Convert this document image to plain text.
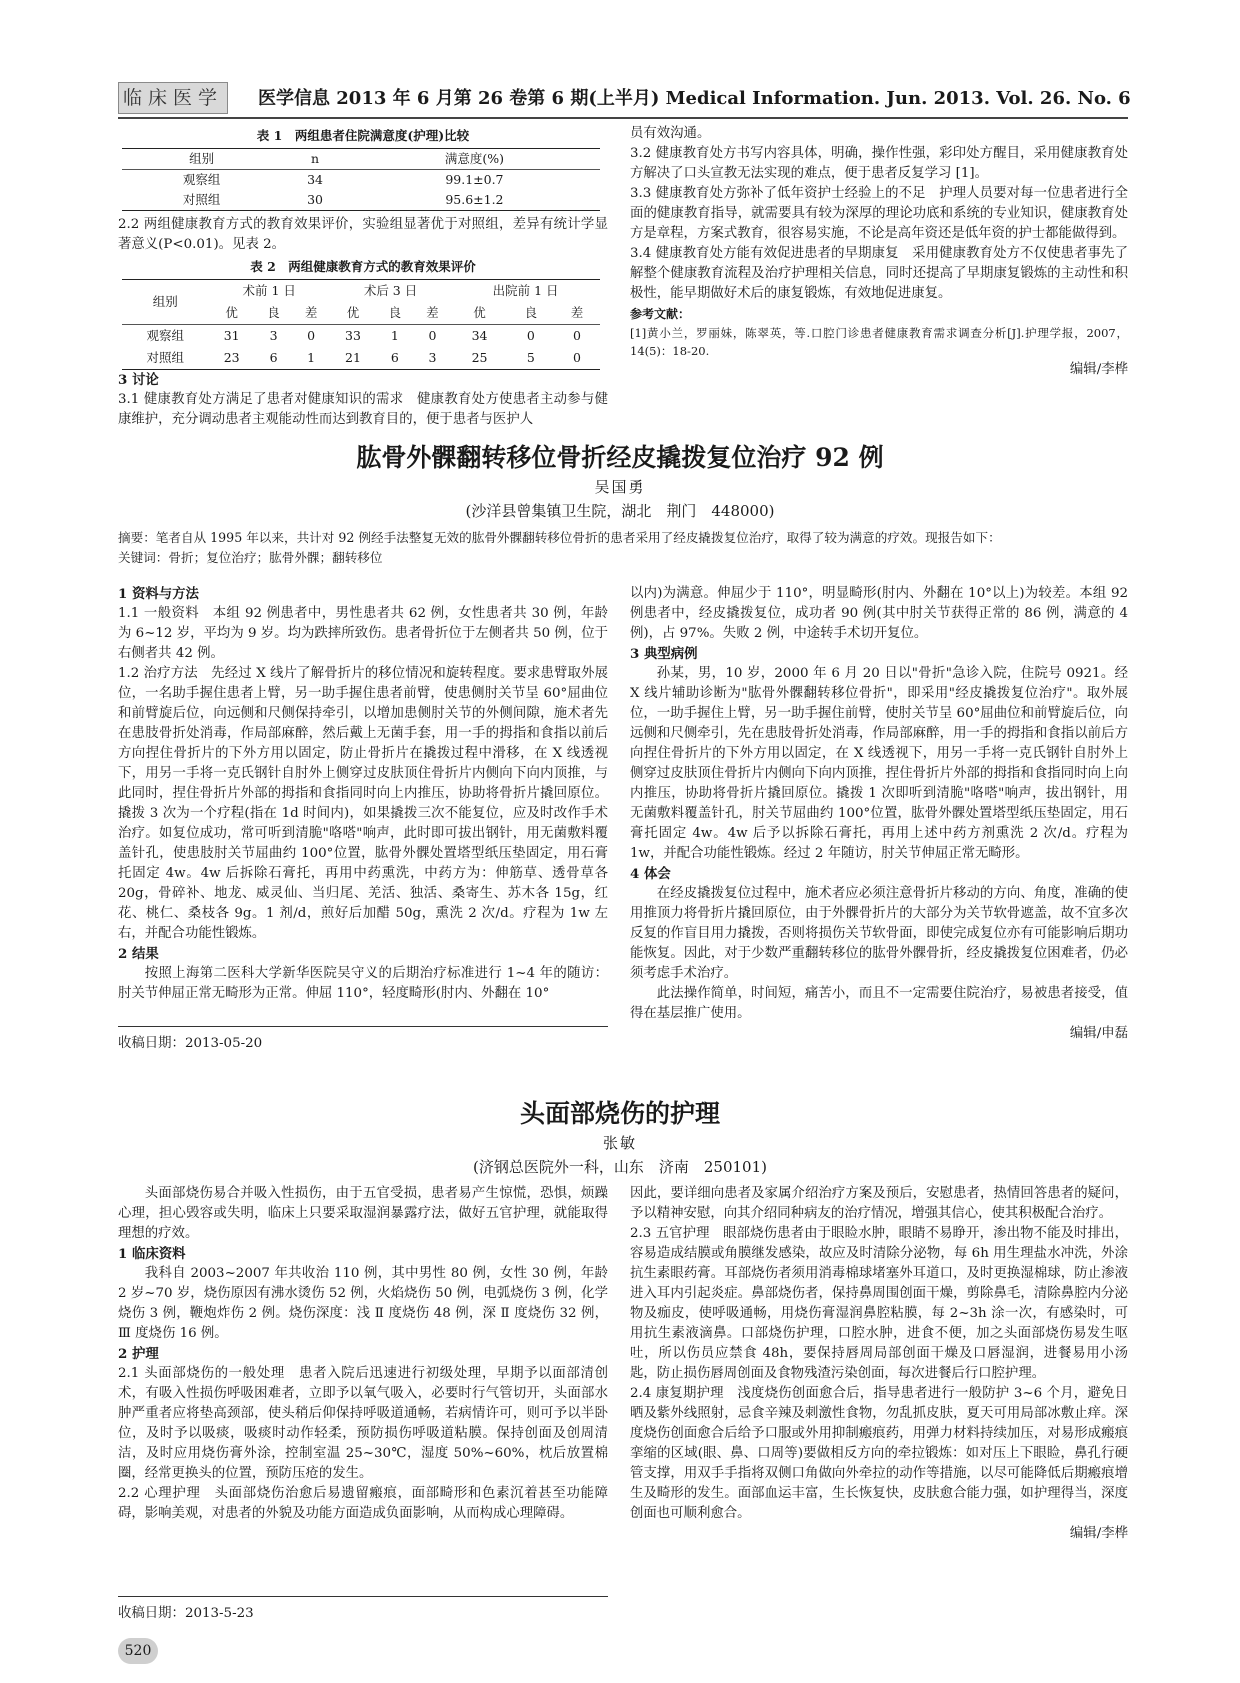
临床医学 医学信息 2013 年 6 月第 26 卷第 6 期(上半月) Medical Information. Jun. 2013. Vol. 26. No. 6
表 1　两组患者住院满意度(护理)比较
组别	n	满意度(%)
观察组	34	99.1±0.7
对照组	30	95.6±1.2

2.2 两组健康教育方式的教育效果评价，实验组显著优于对照组，差异有统计学显著意义(P<0.01)。见表 2。

表 2　两组健康教育方式的教育效果评价
组别	术前 1 日			术后 3 日			出院前 1 日		
	优	良	差	优	良	差	优	良	差
观察组	31	3	0	33	1	0	34	0	0
对照组	23	6	1	21	6	3	25	5	0

3 讨论

3.1 健康教育处方满足了患者对健康知识的需求　健康教育处方使患者主动参与健康维护，充分调动患者主观能动性而达到教育目的，便于患者与医护人

员有效沟通。

3.2 健康教育处方书写内容具体，明确，操作性强，彩印处方醒目，采用健康教育处方解决了口头宣教无法实现的难点，便于患者反复学习 [1]。

3.3 健康教育处方弥补了低年资护士经验上的不足　护理人员要对每一位患者进行全面的健康教育指导，就需要具有较为深厚的理论功底和系统的专业知识，健康教育处方是章程，方案式教育，很容易实施，不论是高年资还是低年资的护士都能做得到。

3.4 健康教育处方能有效促进患者的早期康复　采用健康教育处方不仅使患者事先了解整个健康教育流程及治疗护理相关信息，同时还提高了早期康复锻炼的主动性和积极性，能早期做好术后的康复锻炼，有效地促进康复。

参考文献：

[1]黄小兰，罗丽妹，陈翠英，等.口腔门诊患者健康教育需求调查分析[J].护理学报，2007，14(5)：18-20.

编辑/李桦

肱骨外髁翻转移位骨折经皮撬拨复位治疗 92 例
吴国勇
(沙洋县曾集镇卫生院，湖北　荆门　448000)

摘要：笔者自从 1995 年以来，共计对 92 例经手法整复无效的肱骨外髁翻转移位骨折的患者采用了经皮撬拨复位治疗，取得了较为满意的疗效。现报告如下：

关键词：骨折；复位治疗；肱骨外髁；翻转移位

1 资料与方法

1.1 一般资料　本组 92 例患者中，男性患者共 62 例，女性患者共 30 例，年龄为 6~12 岁，平均为 9 岁。均为跌摔所致伤。患者骨折位于左侧者共 50 例，位于右侧者共 42 例。

1.2 治疗方法　先经过 X 线片了解骨折片的移位情况和旋转程度。要求患臂取外展位，一名助手握住患者上臂，另一助手握住患者前臂，使患侧肘关节呈 60°屈曲位和前臂旋后位，向远侧和尺侧保持牵引，以增加患侧肘关节的外侧间隙，施术者先在患肢骨折处消毒，作局部麻醉，然后戴上无菌手套，用一手的拇指和食指以前后方向捏住骨折片的下外方用以固定，防止骨折片在撬拨过程中滑移，在 X 线透视下，用另一手将一克氏钢针自肘外上侧穿过皮肤顶住骨折片内侧向下向内顶推，与此同时，捏住骨折片外部的拇指和食指同时向上内推压，协助将骨折片撬回原位。撬拨 3 次为一个疗程(指在 1d 时间内)，如果撬拨三次不能复位，应及时改作手术治疗。如复位成功，常可听到清脆"咯嗒"响声，此时即可拔出钢针，用无菌敷料覆盖针孔，使患肢肘关节屈曲约 100°位置，肱骨外髁处置塔型纸压垫固定，用石膏托固定 4w。4w 后拆除石膏托，再用中药熏洗，中药方为：伸筋草、透骨草各 20g，骨碎补、地龙、威灵仙、当归尾、羌活、独活、桑寄生、苏木各 15g，红花、桃仁、桑枝各 9g。1 剂/d，煎好后加醋 50g，熏洗 2 次/d。疗程为 1w 左右，并配合功能性锻炼。

2 结果

按照上海第二医科大学新华医院吴守义的后期治疗标准进行 1~4 年的随访：肘关节伸屈正常无畸形为正常。伸屈 110°，轻度畸形(肘内、外翻在 10°

收稿日期：2013-05-20

以内)为满意。伸屈少于 110°，明显畸形(肘内、外翻在 10°以上)为较差。本组 92 例患者中，经皮撬拨复位，成功者 90 例(其中肘关节获得正常的 86 例，满意的 4 例)，占 97%。失败 2 例，中途转手术切开复位。

3 典型病例

孙某，男，10 岁，2000 年 6 月 20 日以"骨折"急诊入院，住院号 0921。经 X 线片辅助诊断为"肱骨外髁翻转移位骨折"，即采用"经皮撬拨复位治疗"。取外展位，一助手握住上臂，另一助手握住前臂，使肘关节呈 60°屈曲位和前臂旋后位，向远侧和尺侧牵引，先在患肢骨折处消毒，作局部麻醉，用一手的拇指和食指以前后方向捏住骨折片的下外方用以固定，在 X 线透视下，用另一手将一克氏钢针自肘外上侧穿过皮肤顶住骨折片内侧向下向内顶推，捏住骨折片外部的拇指和食指同时向上向内推压，协助将骨折片撬回原位。撬拨 1 次即听到清脆"咯嗒"响声，拔出钢针，用无菌敷料覆盖针孔，肘关节屈曲约 100°位置，肱骨外髁处置塔型纸压垫固定，用石膏托固定 4w。4w 后予以拆除石膏托，再用上述中药方剂熏洗 2 次/d。疗程为 1w，并配合功能性锻炼。经过 2 年随访，肘关节伸屈正常无畸形。

4 体会

在经皮撬拨复位过程中，施术者应必须注意骨折片移动的方向、角度，准确的使用推顶力将骨折片撬回原位，由于外髁骨折片的大部分为关节软骨遮盖，故不宜多次反复的作盲目用力撬拨，否则将损伤关节软骨面，即使完成复位亦有可能影响后期功能恢复。因此，对于少数严重翻转移位的肱骨外髁骨折，经皮撬拨复位困难者，仍必须考虑手术治疗。

此法操作简单，时间短，痛苦小，而且不一定需要住院治疗，易被患者接受，值得在基层推广使用。

编辑/申磊

头面部烧伤的护理
张敏
(济钢总医院外一科，山东　济南　250101)

头面部烧伤易合并吸入性损伤，由于五官受损，患者易产生惊慌，恐惧，烦躁心理，担心毁容或失明，临床上只要采取湿润暴露疗法，做好五官护理，就能取得理想的疗效。

1 临床资料

我科自 2003~2007 年共收治 110 例，其中男性 80 例，女性 30 例，年龄 2 岁~70 岁，烧伤原因有沸水烫伤 52 例，火焰烧伤 50 例，电弧烧伤 3 例，化学烧伤 3 例，鞭炮炸伤 2 例。烧伤深度：浅 Ⅱ 度烧伤 48 例，深 Ⅱ 度烧伤 32 例，Ⅲ 度烧伤 16 例。

2 护理

2.1 头面部烧伤的一般处理　患者入院后迅速进行初级处理，早期予以面部清创术，有吸入性损伤呼吸困难者，立即予以氧气吸入，必要时行气管切开，头面部水肿严重者应将垫高颈部，使头稍后仰保持呼吸道通畅，若病情许可，则可予以半卧位，及时予以吸痰，吸痰时动作轻柔，预防损伤呼吸道粘膜。保持创面及创周清洁，及时应用烧伤膏外涂，控制室温 25~30℃，湿度 50%~60%，枕后放置棉圈，经常更换头的位置，预防压疮的发生。

2.2 心理护理　头面部烧伤治愈后易遗留瘢痕，面部畸形和色素沉着甚至功能障碍，影响美观，对患者的外貌及功能方面造成负面影响，从而构成心理障碍。

收稿日期：2013-5-23

因此，要详细向患者及家属介绍治疗方案及预后，安慰患者，热情回答患者的疑问，予以精神安慰，向其介绍同种病友的治疗情况，增强其信心，使其积极配合治疗。

2.3 五官护理　眼部烧伤患者由于眼睑水肿，眼睛不易睁开，渗出物不能及时排出，容易造成结膜或角膜继发感染，故应及时清除分泌物，每 6h 用生理盐水冲洗，外涂抗生素眼药膏。耳部烧伤者须用消毒棉球堵塞外耳道口，及时更换湿棉球，防止渗液进入耳内引起炎症。鼻部烧伤者，保持鼻周围创面干燥，剪除鼻毛，清除鼻腔内分泌物及痂皮，使呼吸通畅，用烧伤膏湿润鼻腔粘膜，每 2~3h 涂一次，有感染时，可用抗生素液滴鼻。口部烧伤护理，口腔水肿，进食不便，加之头面部烧伤易发生呕吐，所以伤员应禁食 48h，要保持唇周局部创面干燥及口唇湿润，进餐易用小汤匙，防止损伤唇周创面及食物残渣污染创面，每次进餐后行口腔护理。

2.4 康复期护理　浅度烧伤创面愈合后，指导患者进行一般防护 3~6 个月，避免日晒及紫外线照射，忌食辛辣及刺激性食物，勿乱抓皮肤，夏天可用局部冰敷止痒。深度烧伤创面愈合后给予口服或外用抑制瘢痕药，用弹力材料持续加压，对易形成瘢痕挛缩的区域(眼、鼻、口周等)要做相反方向的牵拉锻炼：如对压上下眼睑，鼻孔行硬管支撑，用双手手指将双侧口角做向外牵拉的动作等措施，以尽可能降低后期瘢痕增生及畸形的发生。面部血运丰富，生长恢复快，皮肤愈合能力强，如护理得当，深度创面也可顺利愈合。

编辑/李桦

520
